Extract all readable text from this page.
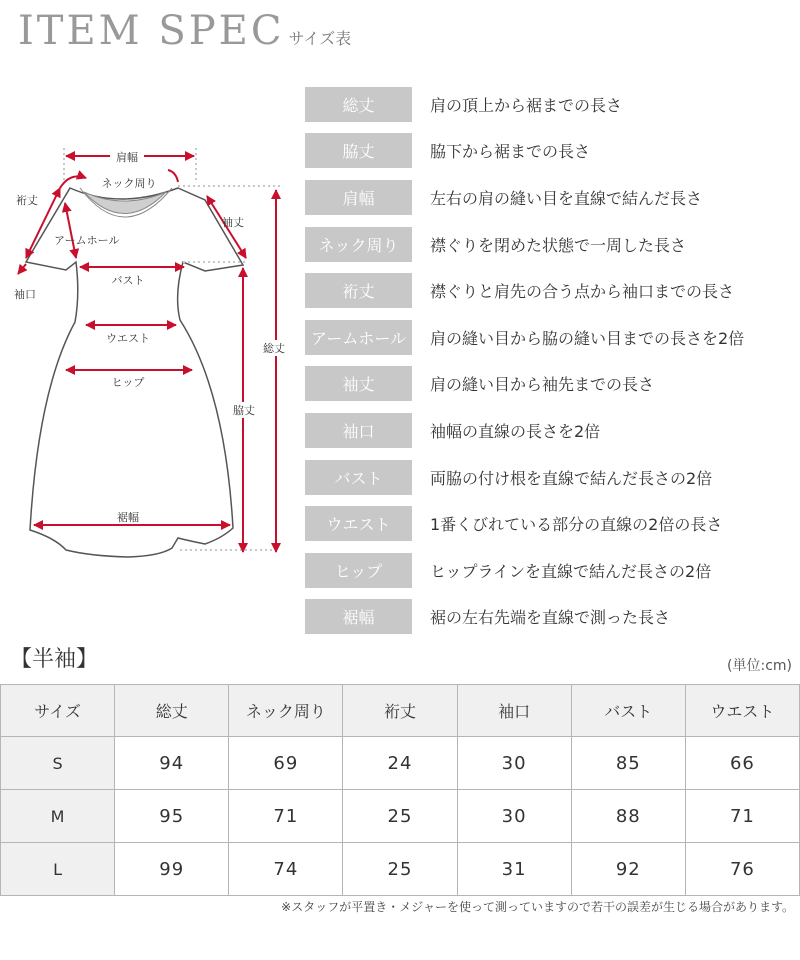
ITEM SPEC サイズ表
肩幅
ネック周り
裄丈
袖丈
アームホール
袖口
バスト
ウエスト
ヒップ
総丈
脇丈
裾幅
総丈	肩の頂上から裾までの長さ
脇丈	脇下から裾までの長さ
肩幅	左右の肩の縫い目を直線で結んだ長さ
ネック周り	襟ぐりを閉めた状態で一周した長さ
裄丈	襟ぐりと肩先の合う点から袖口までの長さ
アームホール	肩の縫い目から脇の縫い目までの長さを2倍
袖丈	肩の縫い目から袖先までの長さ
袖口	袖幅の直線の長さを2倍
バスト	両脇の付け根を直線で結んだ長さの2倍
ウエスト	1番くびれている部分の直線の2倍の長さ
ヒップ	ヒップラインを直線で結んだ長さの2倍
裾幅	裾の左右先端を直線で測った長さ
【半袖】	(単位:cm)
サイズ	総丈	ネック周り	裄丈	袖口	バスト	ウエスト
S	94	69	24	30	85	66
M	95	71	25	30	88	71
L	99	74	25	31	92	76
※スタッフが平置き・メジャーを使って測っていますので若干の誤差が生じる場合があります。
